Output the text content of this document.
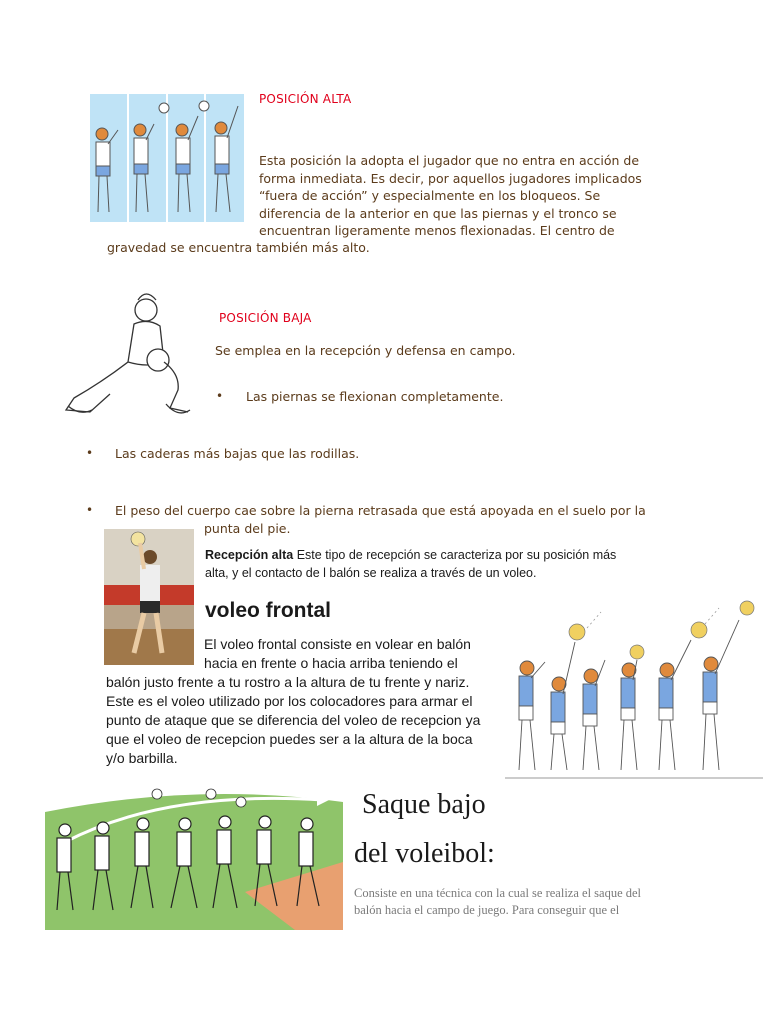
POSICIÓN ALTA
Esta posición la adopta el jugador que no entra en acción de
forma inmediata. Es decir, por aquellos jugadores implicados
“fuera de acción” y especialmente en los bloqueos. Se
diferencia de la anterior en que las piernas y el tronco se
encuentran ligeramente menos flexionadas. El centro de
gravedad se encuentra también más alto.
POSICIÓN BAJA
Se emplea en la recepción y defensa en campo.
• Las piernas se flexionan completamente.
• Las caderas más bajas que las rodillas.
• El peso del cuerpo cae sobre la pierna retrasada que está apoyada en el suelo por la
punta del pie.
Recepción alta Este tipo de recepción se caracteriza por su posición más
alta, y el contacto de l balón se realiza a través de un voleo.
voleo frontal
El voleo frontal consiste en volear en balón
hacia en frente o hacia arriba teniendo el
balón justo frente a tu rostro a la altura de tu frente y nariz.
Este es el voleo utilizado por los colocadores para armar el
punto de ataque que se diferencia del voleo de recepcion ya
que el voleo de recepcion puedes ser a la altura de la boca
y/o barbilla.
Saque bajo
del voleibol:
Consiste en una técnica con la cual se realiza el saque del
balón hacia el campo de juego. Para conseguir que el
